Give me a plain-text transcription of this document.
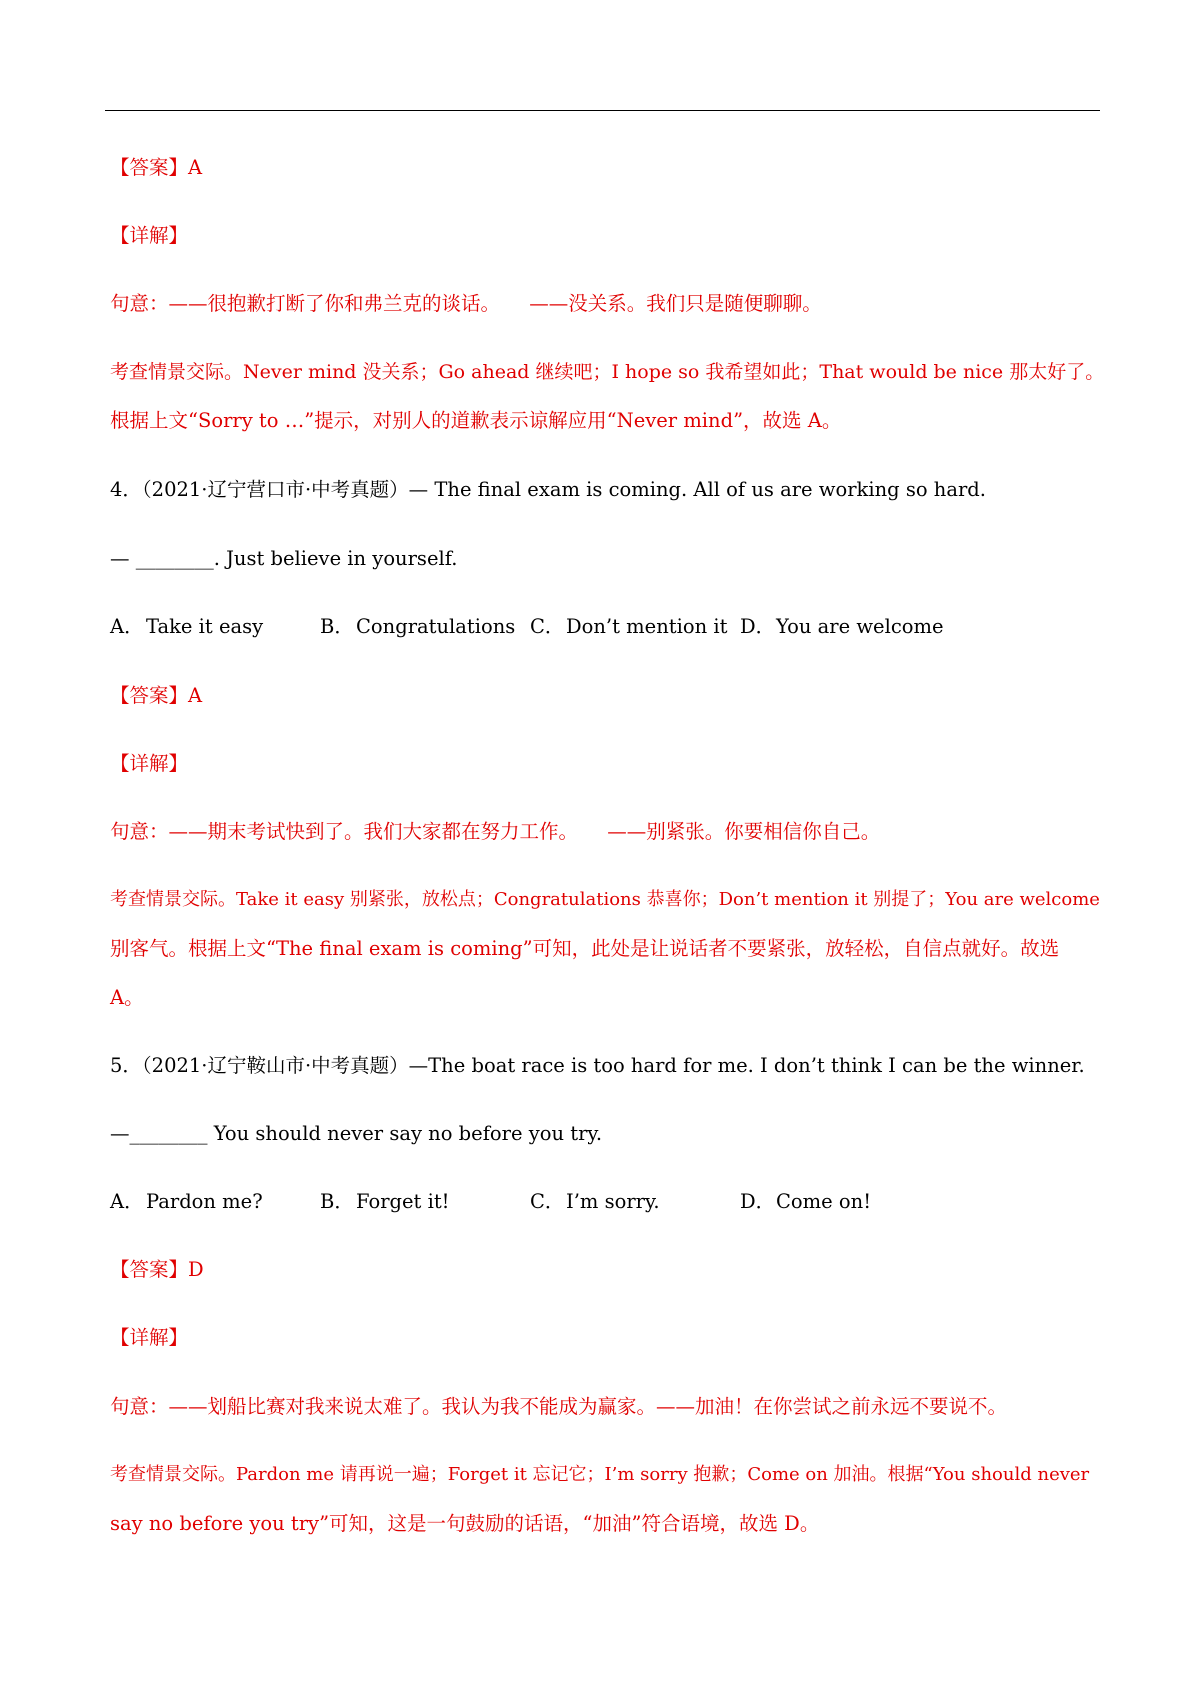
【答案】A
【详解】
句意：——很抱歉打断了你和弗兰克的谈话。　　——没关系。我们只是随便聊聊。
考查情景交际。Never mind 没关系；Go ahead 继续吧；I hope so 我希望如此；That would be nice 那太好了。
根据上文“Sorry to …”提示，对别人的道歉表示谅解应用“Never mind”，故选 A。
4．（2021·辽宁营口市·中考真题）— The final exam is coming. All of us are working so hard.
— ________. Just believe in yourself.
A． Take it easy	B． Congratulations C．Don’t mention it D．You are welcome
【答案】A
【详解】
句意：——期末考试快到了。我们大家都在努力工作。　　——别紧张。你要相信你自己。
考查情景交际。Take it easy 别紧张，放松点；Congratulations 恭喜你；Don’t mention it 别提了；You are welcome
别客气。根据上文“The final exam is coming”可知，此处是让说话者不要紧张，放轻松，自信点就好。故选
A。
5．（2021·辽宁鞍山市·中考真题）—The boat race is too hard for me. I don’t think I can be the winner.
—________ You should never say no before you try.
A． Pardon me?	B． Forget it!	C．I’m sorry.	D．Come on!
【答案】D
【详解】
句意：——划船比赛对我来说太难了。我认为我不能成为赢家。——加油！在你尝试之前永远不要说不。
考查情景交际。Pardon me 请再说一遍；Forget it 忘记它；I’m sorry 抱歉；Come on 加油。根据“You should never
say no before you try”可知，这是一句鼓励的话语，“加油”符合语境，故选 D。
